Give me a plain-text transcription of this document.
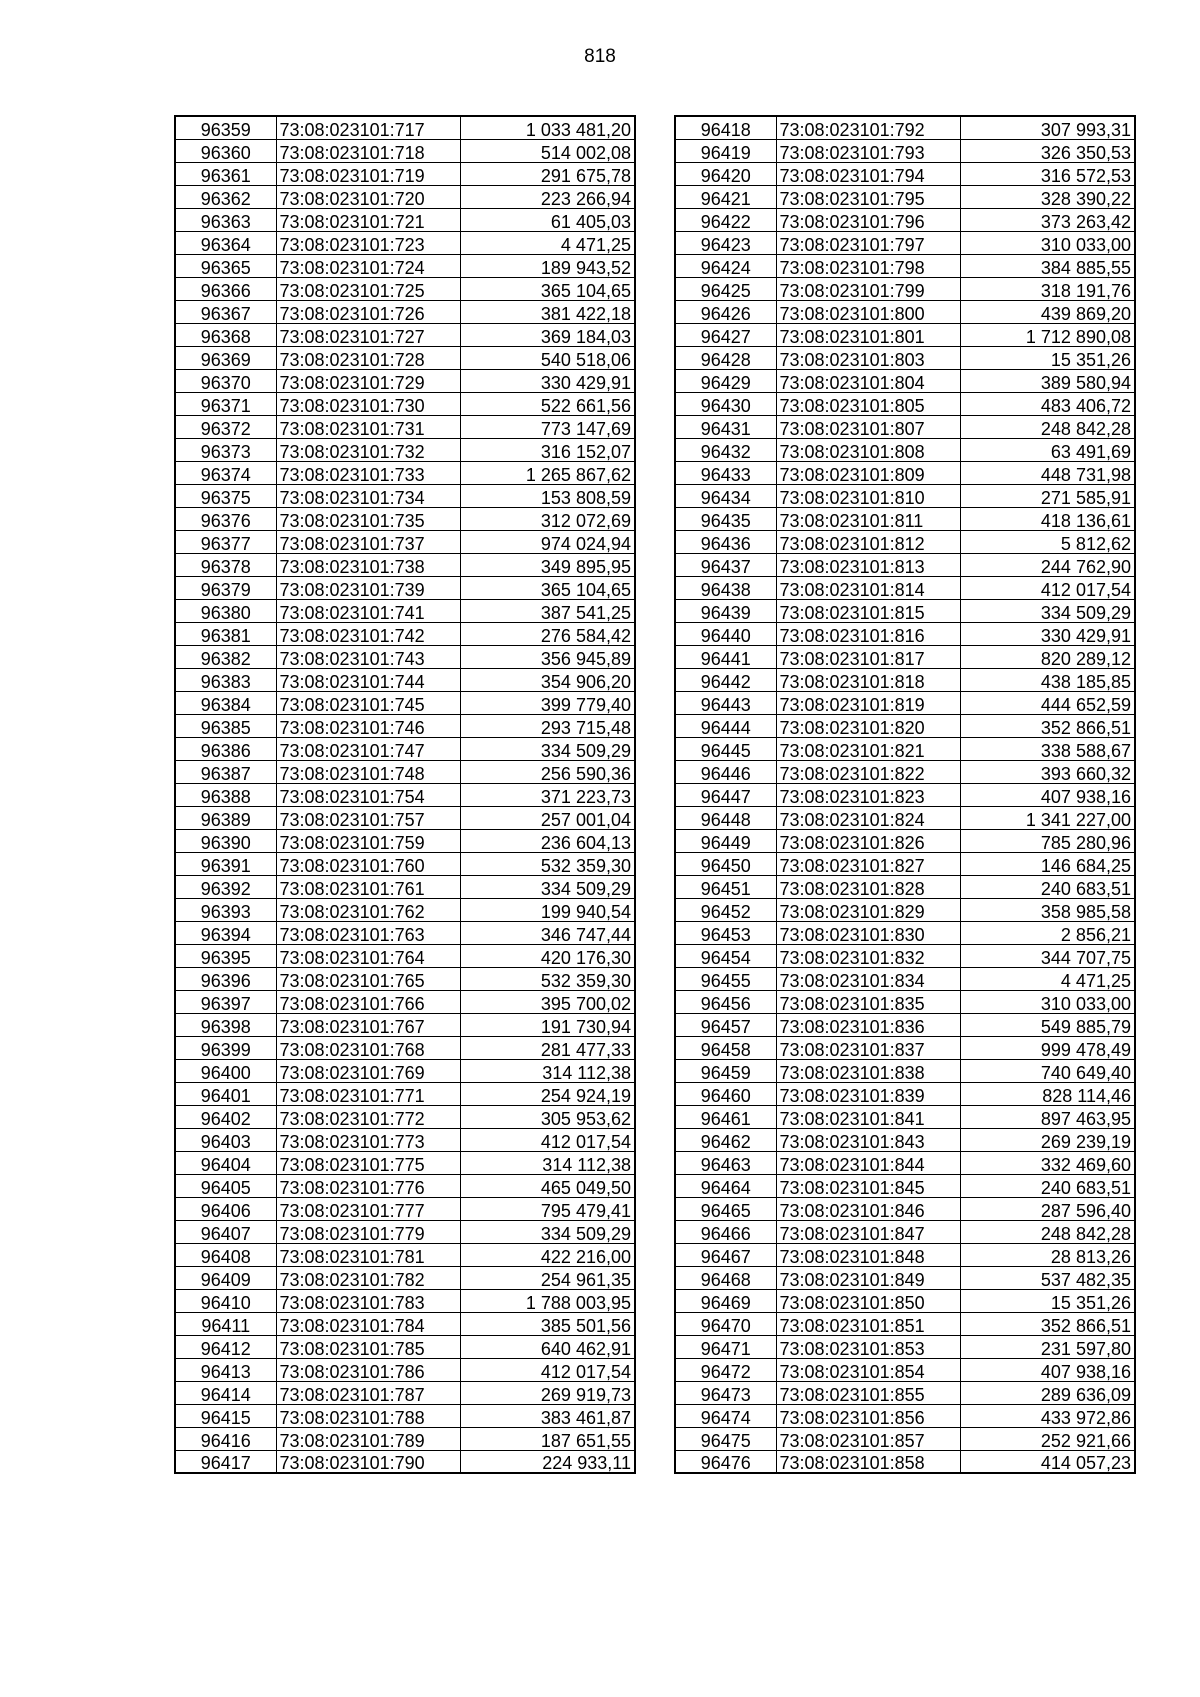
818
96359	73:08:023101:717	1 033 481,20
96360	73:08:023101:718	514 002,08
96361	73:08:023101:719	291 675,78
96362	73:08:023101:720	223 266,94
96363	73:08:023101:721	61 405,03
96364	73:08:023101:723	4 471,25
96365	73:08:023101:724	189 943,52
96366	73:08:023101:725	365 104,65
96367	73:08:023101:726	381 422,18
96368	73:08:023101:727	369 184,03
96369	73:08:023101:728	540 518,06
96370	73:08:023101:729	330 429,91
96371	73:08:023101:730	522 661,56
96372	73:08:023101:731	773 147,69
96373	73:08:023101:732	316 152,07
96374	73:08:023101:733	1 265 867,62
96375	73:08:023101:734	153 808,59
96376	73:08:023101:735	312 072,69
96377	73:08:023101:737	974 024,94
96378	73:08:023101:738	349 895,95
96379	73:08:023101:739	365 104,65
96380	73:08:023101:741	387 541,25
96381	73:08:023101:742	276 584,42
96382	73:08:023101:743	356 945,89
96383	73:08:023101:744	354 906,20
96384	73:08:023101:745	399 779,40
96385	73:08:023101:746	293 715,48
96386	73:08:023101:747	334 509,29
96387	73:08:023101:748	256 590,36
96388	73:08:023101:754	371 223,73
96389	73:08:023101:757	257 001,04
96390	73:08:023101:759	236 604,13
96391	73:08:023101:760	532 359,30
96392	73:08:023101:761	334 509,29
96393	73:08:023101:762	199 940,54
96394	73:08:023101:763	346 747,44
96395	73:08:023101:764	420 176,30
96396	73:08:023101:765	532 359,30
96397	73:08:023101:766	395 700,02
96398	73:08:023101:767	191 730,94
96399	73:08:023101:768	281 477,33
96400	73:08:023101:769	314 112,38
96401	73:08:023101:771	254 924,19
96402	73:08:023101:772	305 953,62
96403	73:08:023101:773	412 017,54
96404	73:08:023101:775	314 112,38
96405	73:08:023101:776	465 049,50
96406	73:08:023101:777	795 479,41
96407	73:08:023101:779	334 509,29
96408	73:08:023101:781	422 216,00
96409	73:08:023101:782	254 961,35
96410	73:08:023101:783	1 788 003,95
96411	73:08:023101:784	385 501,56
96412	73:08:023101:785	640 462,91
96413	73:08:023101:786	412 017,54
96414	73:08:023101:787	269 919,73
96415	73:08:023101:788	383 461,87
96416	73:08:023101:789	187 651,55
96417	73:08:023101:790	224 933,11
96418	73:08:023101:792	307 993,31
96419	73:08:023101:793	326 350,53
96420	73:08:023101:794	316 572,53
96421	73:08:023101:795	328 390,22
96422	73:08:023101:796	373 263,42
96423	73:08:023101:797	310 033,00
96424	73:08:023101:798	384 885,55
96425	73:08:023101:799	318 191,76
96426	73:08:023101:800	439 869,20
96427	73:08:023101:801	1 712 890,08
96428	73:08:023101:803	15 351,26
96429	73:08:023101:804	389 580,94
96430	73:08:023101:805	483 406,72
96431	73:08:023101:807	248 842,28
96432	73:08:023101:808	63 491,69
96433	73:08:023101:809	448 731,98
96434	73:08:023101:810	271 585,91
96435	73:08:023101:811	418 136,61
96436	73:08:023101:812	5 812,62
96437	73:08:023101:813	244 762,90
96438	73:08:023101:814	412 017,54
96439	73:08:023101:815	334 509,29
96440	73:08:023101:816	330 429,91
96441	73:08:023101:817	820 289,12
96442	73:08:023101:818	438 185,85
96443	73:08:023101:819	444 652,59
96444	73:08:023101:820	352 866,51
96445	73:08:023101:821	338 588,67
96446	73:08:023101:822	393 660,32
96447	73:08:023101:823	407 938,16
96448	73:08:023101:824	1 341 227,00
96449	73:08:023101:826	785 280,96
96450	73:08:023101:827	146 684,25
96451	73:08:023101:828	240 683,51
96452	73:08:023101:829	358 985,58
96453	73:08:023101:830	2 856,21
96454	73:08:023101:832	344 707,75
96455	73:08:023101:834	4 471,25
96456	73:08:023101:835	310 033,00
96457	73:08:023101:836	549 885,79
96458	73:08:023101:837	999 478,49
96459	73:08:023101:838	740 649,40
96460	73:08:023101:839	828 114,46
96461	73:08:023101:841	897 463,95
96462	73:08:023101:843	269 239,19
96463	73:08:023101:844	332 469,60
96464	73:08:023101:845	240 683,51
96465	73:08:023101:846	287 596,40
96466	73:08:023101:847	248 842,28
96467	73:08:023101:848	28 813,26
96468	73:08:023101:849	537 482,35
96469	73:08:023101:850	15 351,26
96470	73:08:023101:851	352 866,51
96471	73:08:023101:853	231 597,80
96472	73:08:023101:854	407 938,16
96473	73:08:023101:855	289 636,09
96474	73:08:023101:856	433 972,86
96475	73:08:023101:857	252 921,66
96476	73:08:023101:858	414 057,23
